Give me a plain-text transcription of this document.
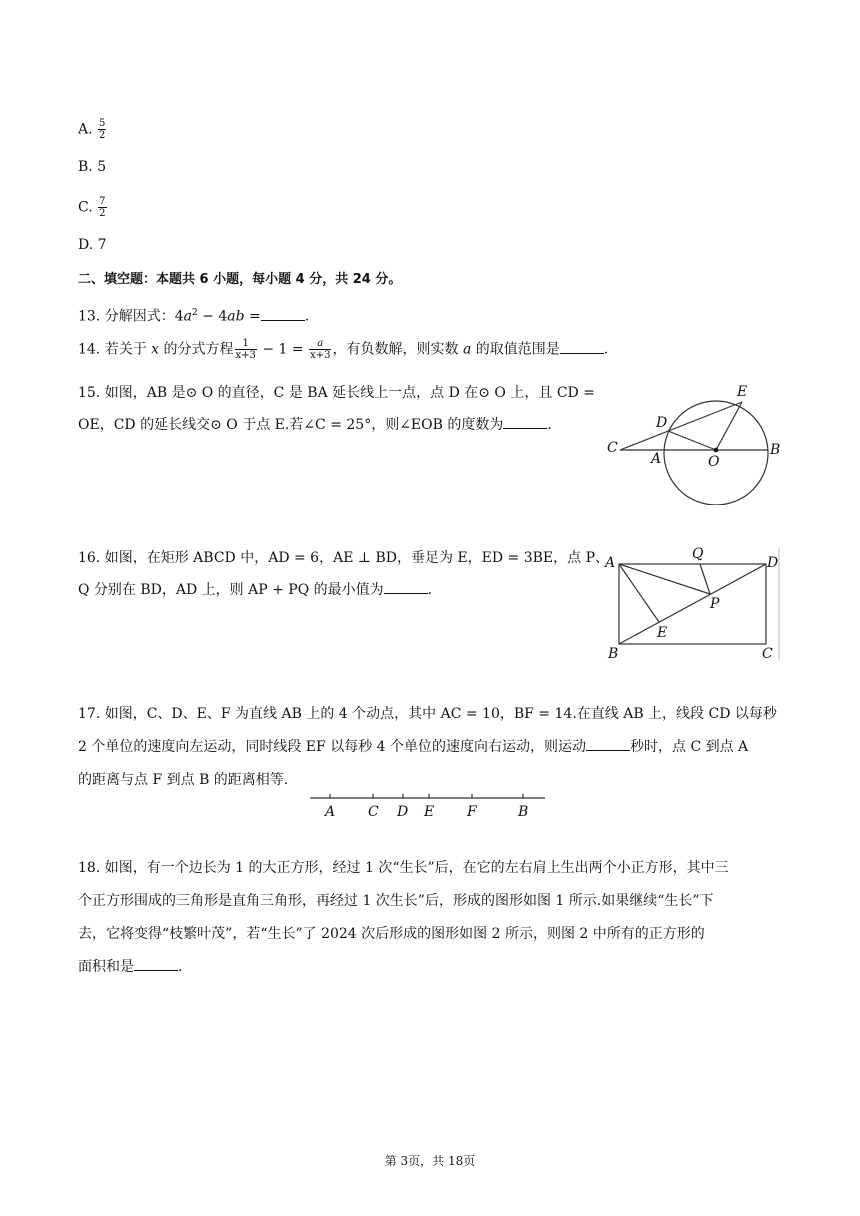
A. $\frac{5}{2}$
B. 5
C. $\frac{7}{2}$
D. 7
二、填空题：本题共 6 小题，每小题 4 分，共 24 分。
13. 分解因式：$4a^2 - 4ab$ =	.
14. 若关于 x 的分式方程 $\frac{1}{x+3} - 1 = \frac{a}{x+3}$ ，有负数解，则实数 a 的取值范围是	.
15. 如图，AB 是⊙ O 的直径，C 是 BA 延长线上一点，点 D 在⊙ O 上，且 CD =
OE，CD 的延长线交⊙ O 于点 E.若∠C = 25°，则∠EOB 的度数为	.
E
D
C
A	O
B
16. 如图，在矩形 ABCD 中，AD = 6，AE ⊥ BD，垂足为 E，ED = 3BE，点 P、
Q 分别在 BD，AD 上，则 AP + PQ 的最小值为	.
A
Q
D
P
E
B	C
17. 如图，C、D、E、F 为直线 AB 上的 4 个动点，其中 AC = 10，BF = 14.在直线 AB 上，线段 CD 以每秒
2 个单位的速度向左运动，同时线段 EF 以每秒 4 个单位的速度向右运动，则运动	秒时，点 C 到点 A
的距离与点 F 到点 B 的距离相等.
A C D E F	B
18. 如图，有一个边长为 1 的大正方形，经过 1 次“生长”后，在它的左右肩上生出两个小正方形，其中三
个正方形围成的三角形是直角三角形，再经过 1 次生长”后，形成的图形如图 1 所示.如果继续“生长”下
去，它将变得“枝繁叶茂”，若“生长”了 2024 次后形成的图形如图 2 所示，则图 2 中所有的正方形的
面积和是	.
第 3页，共 18页
